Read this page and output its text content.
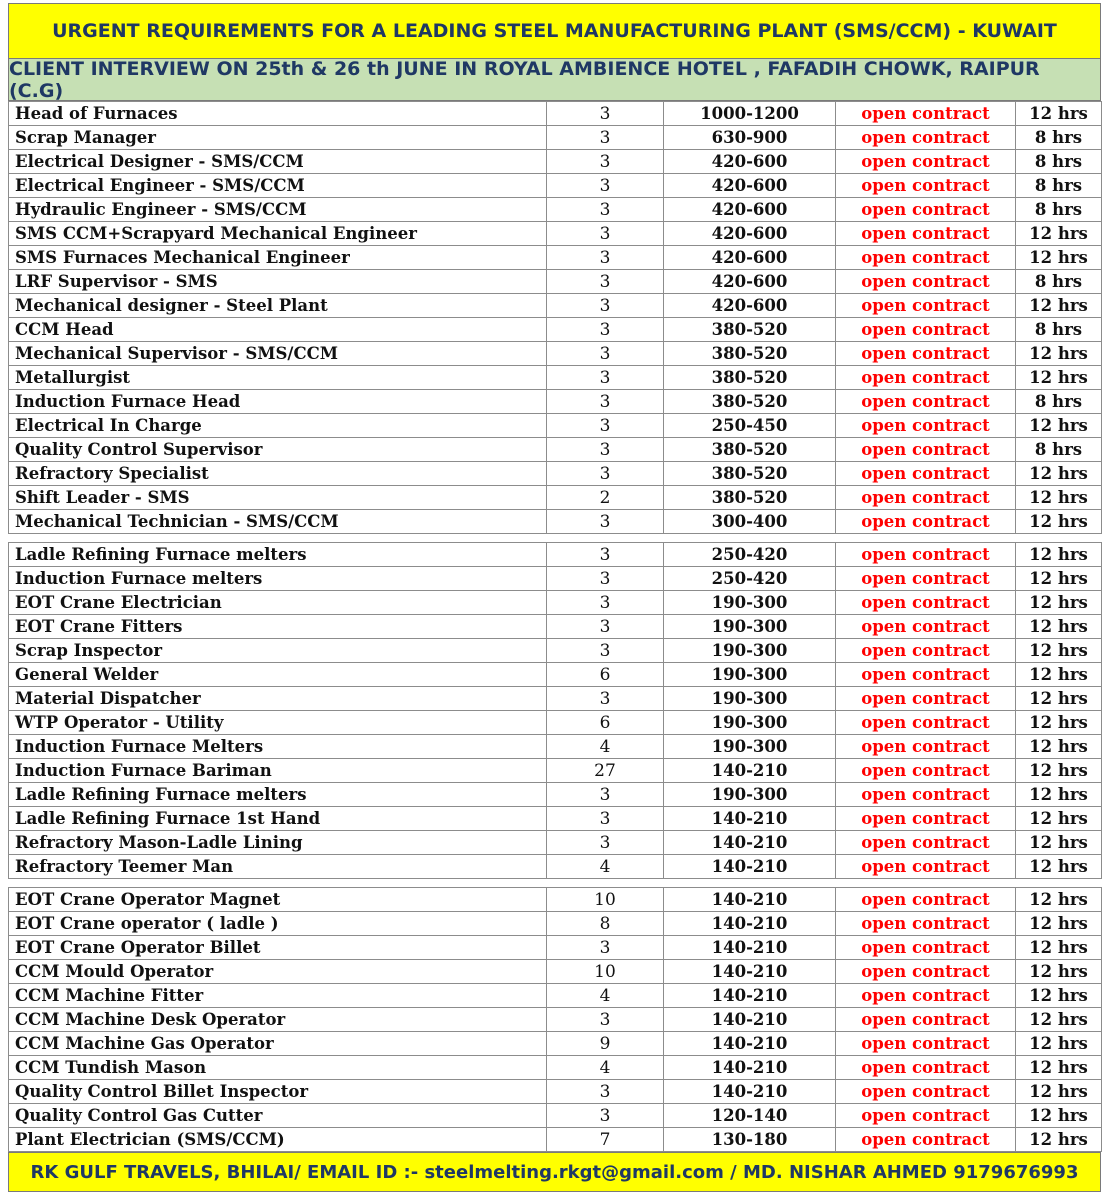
URGENT REQUIREMENTS FOR A LEADING STEEL MANUFACTURING PLANT (SMS/CCM) - KUWAIT
CLIENT INTERVIEW ON 25th & 26 th JUNE IN ROYAL AMBIENCE HOTEL , FAFADIH CHOWK, RAIPUR (C.G)
Head of Furnaces	3	1000-1200	open contract	12 hrs
Scrap Manager	3	630-900	open contract	8 hrs
Electrical Designer - SMS/CCM	3	420-600	open contract	8 hrs
Electrical Engineer - SMS/CCM	3	420-600	open contract	8 hrs
Hydraulic Engineer - SMS/CCM	3	420-600	open contract	8 hrs
SMS CCM+Scrapyard Mechanical Engineer	3	420-600	open contract	12 hrs
SMS Furnaces Mechanical Engineer	3	420-600	open contract	12 hrs
LRF Supervisor - SMS	3	420-600	open contract	8 hrs
Mechanical designer - Steel Plant	3	420-600	open contract	12 hrs
CCM Head	3	380-520	open contract	8 hrs
Mechanical Supervisor - SMS/CCM	3	380-520	open contract	12 hrs
Metallurgist	3	380-520	open contract	12 hrs
Induction Furnace Head	3	380-520	open contract	8 hrs
Electrical In Charge	3	250-450	open contract	12 hrs
Quality Control Supervisor	3	380-520	open contract	8 hrs
Refractory Specialist	3	380-520	open contract	12 hrs
Shift Leader - SMS	2	380-520	open contract	12 hrs
Mechanical Technician - SMS/CCM	3	300-400	open contract	12 hrs

Ladle Refining Furnace melters	3	250-420	open contract	12 hrs
Induction Furnace melters	3	250-420	open contract	12 hrs
EOT Crane Electrician	3	190-300	open contract	12 hrs
EOT Crane Fitters	3	190-300	open contract	12 hrs
Scrap Inspector	3	190-300	open contract	12 hrs
General Welder	6	190-300	open contract	12 hrs
Material Dispatcher	3	190-300	open contract	12 hrs
WTP Operator - Utility	6	190-300	open contract	12 hrs
Induction Furnace Melters	4	190-300	open contract	12 hrs
Induction Furnace Bariman	27	140-210	open contract	12 hrs
Ladle Refining Furnace melters	3	190-300	open contract	12 hrs
Ladle Refining Furnace 1st Hand	3	140-210	open contract	12 hrs
Refractory Mason-Ladle Lining	3	140-210	open contract	12 hrs
Refractory Teemer Man	4	140-210	open contract	12 hrs

EOT Crane Operator Magnet	10	140-210	open contract	12 hrs
EOT Crane operator ( ladle )	8	140-210	open contract	12 hrs
EOT Crane Operator Billet	3	140-210	open contract	12 hrs
CCM Mould Operator	10	140-210	open contract	12 hrs
CCM Machine Fitter	4	140-210	open contract	12 hrs
CCM Machine Desk Operator	3	140-210	open contract	12 hrs
CCM Machine Gas Operator	9	140-210	open contract	12 hrs
CCM Tundish Mason	4	140-210	open contract	12 hrs
Quality Control Billet Inspector	3	140-210	open contract	12 hrs
Quality Control Gas Cutter	3	120-140	open contract	12 hrs
Plant Electrician (SMS/CCM)	7	130-180	open contract	12 hrs
RK GULF TRAVELS, BHILAI/ EMAIL ID :- steelmelting.rkgt@gmail.com / MD. NISHAR AHMED 9179676993
